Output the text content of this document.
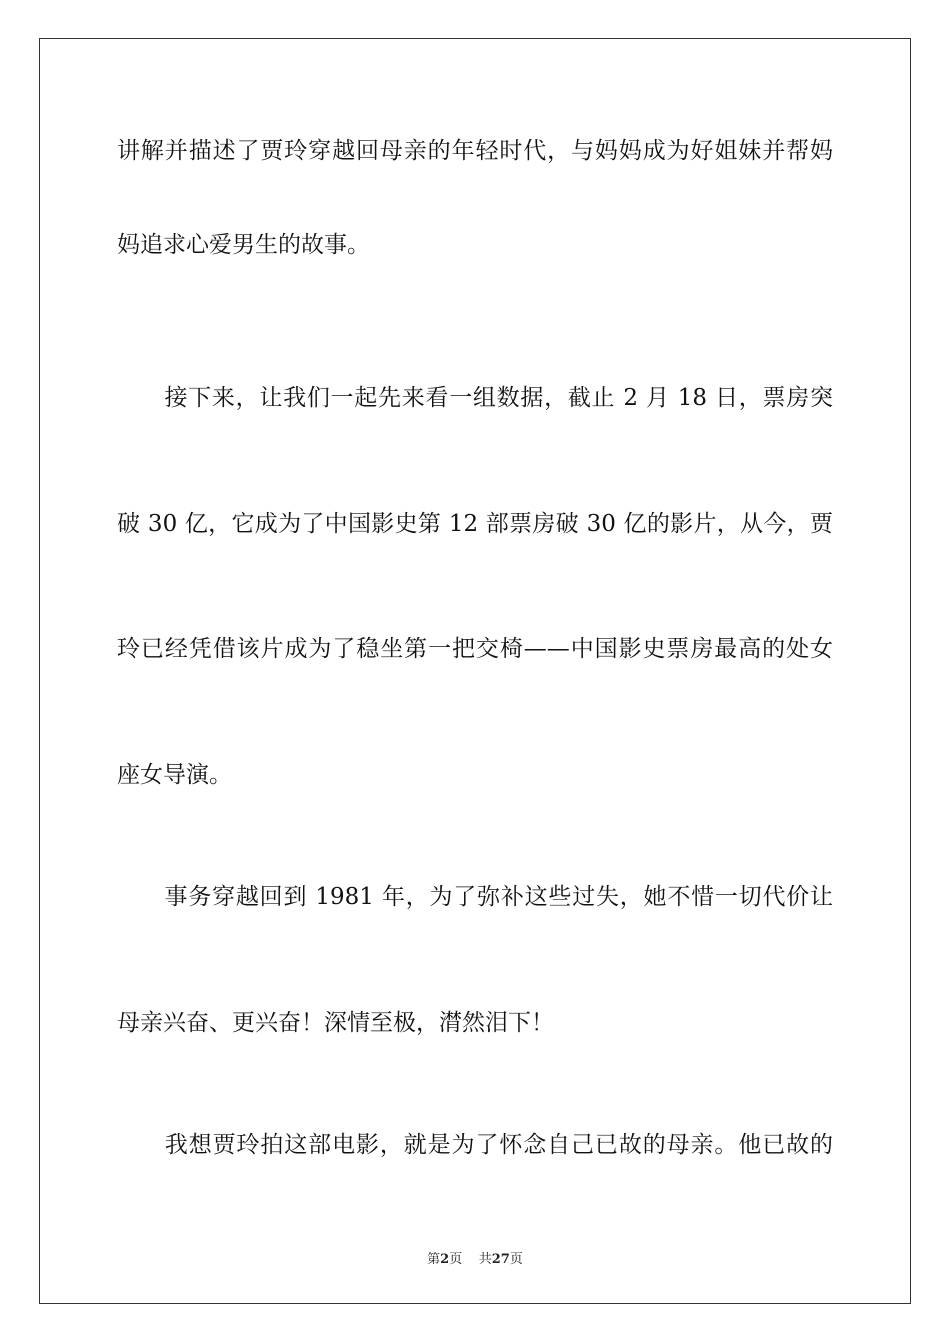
讲解并描述了贾玲穿越回母亲的年轻时代，与妈妈成为好姐妹并帮妈
妈追求心爱男生的故事。
　　接下来，让我们一起先来看一组数据，截止 2 月 18 日，票房突
破 30 亿，它成为了中国影史第 12 部票房破 30 亿的影片，从今，贾
玲已经凭借该片成为了稳坐第一把交椅——中国影史票房最高的处女
座女导演。
　　事务穿越回到 1981 年，为了弥补这些过失，她不惜一切代价让
母亲兴奋、更兴奋！深情至极，潸然泪下！
　　我想贾玲拍这部电影，就是为了怀念自己已故的母亲。他已故的
第2页 共27页
